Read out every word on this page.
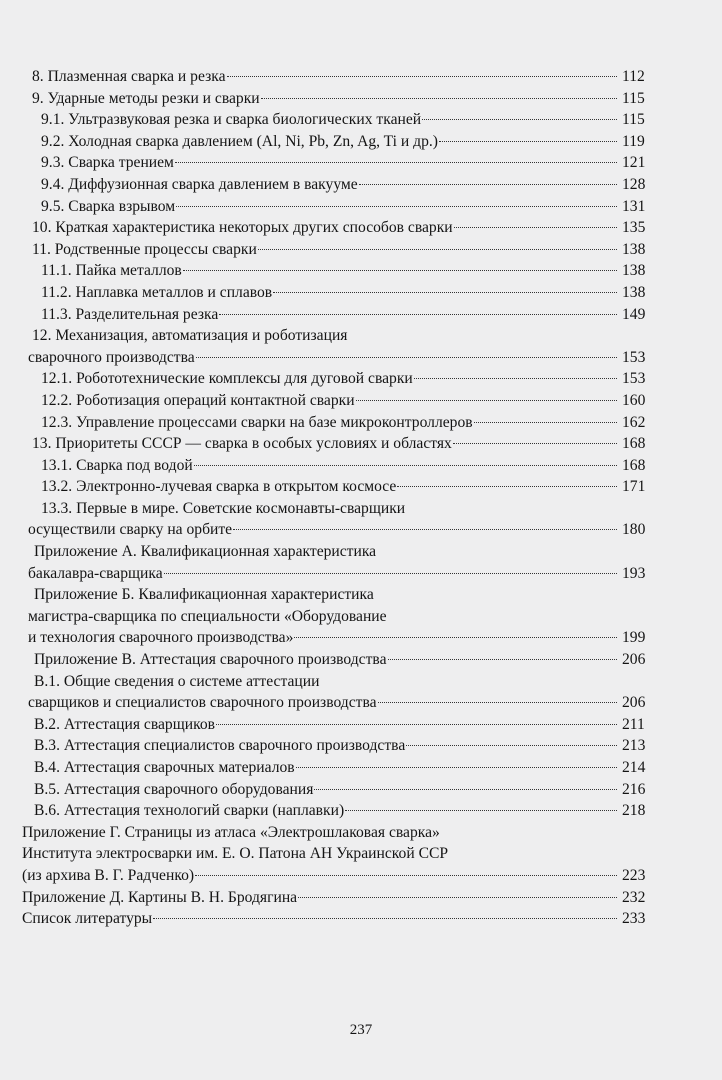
8. Плазменная сварка и резка	112
9. Ударные методы резки и сварки	115
9.1. Ультразвуковая резка и сварка биологических тканей	115
9.2. Холодная сварка давлением (Al, Ni, Pb, Zn, Ag, Ti и др.)	119
9.3. Сварка трением	121
9.4. Диффузионная сварка давлением в вакууме	128
9.5. Сварка взрывом	131
10. Краткая характеристика некоторых других способов сварки	135
11. Родственные процессы сварки	138
11.1. Пайка металлов	138
11.2. Наплавка металлов и сплавов	138
11.3. Разделительная резка	149
12. Механизация, автоматизация и роботизация
сварочного производства	153
12.1. Робототехнические комплексы для дуговой сварки	153
12.2. Роботизация операций контактной сварки	160
12.3. Управление процессами сварки на базе микроконтроллеров	162
13. Приоритеты СССР — сварка в особых условиях и областях	168
13.1. Сварка под водой	168
13.2. Электронно-лучевая сварка в открытом космосе	171
13.3. Первые в мире. Советские космонавты-сварщики
осуществили сварку на орбите	180
Приложение А. Квалификационная характеристика
бакалавра-сварщика	193
Приложение Б. Квалификационная характеристика
магистра-сварщика по специальности «Оборудование
и технология сварочного производства»	199
Приложение В. Аттестация сварочного производства	206
В.1. Общие сведения о системе аттестации
сварщиков и специалистов сварочного производства	206
В.2. Аттестация сварщиков	211
В.3. Аттестация специалистов сварочного производства	213
В.4. Аттестация сварочных материалов	214
В.5. Аттестация сварочного оборудования	216
В.6. Аттестация технологий сварки (наплавки)	218
Приложение Г. Страницы из атласа «Электрошлаковая сварка»
Института электросварки им. Е. О. Патона АН Украинской ССР
(из архива В. Г. Радченко)	223
Приложение Д. Картины В. Н. Бродягина	232
Список литературы	233
237
